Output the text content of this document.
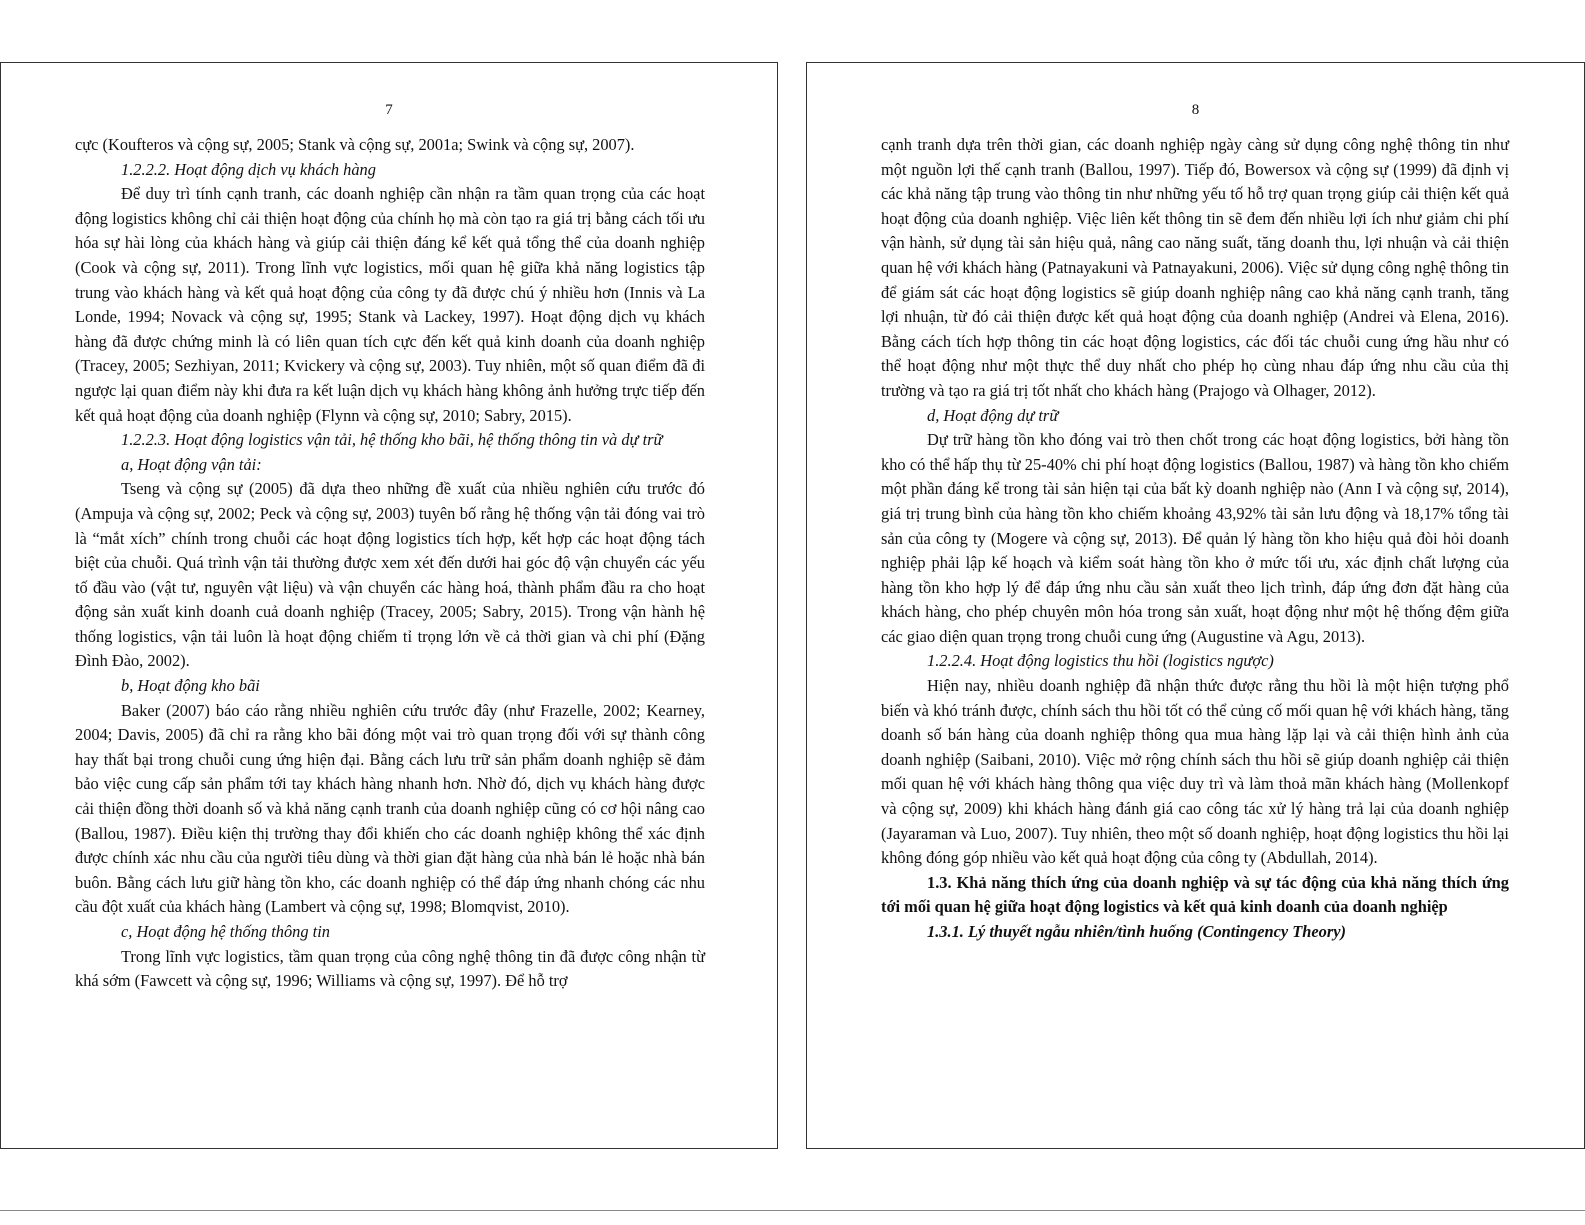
7

cực (Koufteros và cộng sự, 2005; Stank và cộng sự, 2001a; Swink và cộng sự, 2007).

1.2.2.2. Hoạt động dịch vụ khách hàng

Để duy trì tính cạnh tranh, các doanh nghiệp cần nhận ra tầm quan trọng của các hoạt động logistics không chỉ cải thiện hoạt động của chính họ mà còn tạo ra giá trị bằng cách tối ưu hóa sự hài lòng của khách hàng và giúp cải thiện đáng kể kết quả tổng thể của doanh nghiệp (Cook và cộng sự, 2011). Trong lĩnh vực logistics, mối quan hệ giữa khả năng logistics tập trung vào khách hàng và kết quả hoạt động của công ty đã được chú ý nhiều hơn (Innis và La Londe, 1994; Novack và cộng sự, 1995; Stank và Lackey, 1997). Hoạt động dịch vụ khách hàng đã được chứng minh là có liên quan tích cực đến kết quả kinh doanh của doanh nghiệp (Tracey, 2005; Sezhiyan, 2011; Kvickery và cộng sự, 2003). Tuy nhiên, một số quan điểm đã đi ngược lại quan điểm này khi đưa ra kết luận dịch vụ khách hàng không ảnh hưởng trực tiếp đến kết quả hoạt động của doanh nghiệp (Flynn và cộng sự, 2010; Sabry, 2015).

1.2.2.3. Hoạt động logistics vận tải, hệ thống kho bãi, hệ thống thông tin và dự trữ

a, Hoạt động vận tải:

Tseng và cộng sự (2005) đã dựa theo những đề xuất của nhiều nghiên cứu trước đó (Ampuja và cộng sự, 2002; Peck và cộng sự, 2003) tuyên bố rằng hệ thống vận tải đóng vai trò là “mắt xích” chính trong chuỗi các hoạt động logistics tích hợp, kết hợp các hoạt động tách biệt của chuỗi. Quá trình vận tải thường được xem xét đến dưới hai góc độ vận chuyển các yếu tố đầu vào (vật tư, nguyên vật liệu) và vận chuyển các hàng hoá, thành phẩm đầu ra cho hoạt động sản xuất kinh doanh cuả doanh nghiệp (Tracey, 2005; Sabry, 2015). Trong vận hành hệ thống logistics, vận tải luôn là hoạt động chiếm tỉ trọng lớn về cả thời gian và chi phí (Đặng Đình Đào, 2002).

b, Hoạt động kho bãi

Baker (2007) báo cáo rằng nhiều nghiên cứu trước đây (như Frazelle, 2002; Kearney, 2004; Davis, 2005) đã chỉ ra rằng kho bãi đóng một vai trò quan trọng đối với sự thành công hay thất bại trong chuỗi cung ứng hiện đại. Bằng cách lưu trữ sản phẩm doanh nghiệp sẽ đảm bảo việc cung cấp sản phẩm tới tay khách hàng nhanh hơn. Nhờ đó, dịch vụ khách hàng được cải thiện đồng thời doanh số và khả năng cạnh tranh của doanh nghiệp cũng có cơ hội nâng cao (Ballou, 1987). Điều kiện thị trường thay đổi khiến cho các doanh nghiệp không thể xác định được chính xác nhu cầu của người tiêu dùng và thời gian đặt hàng của nhà bán lẻ hoặc nhà bán buôn. Bằng cách lưu giữ hàng tồn kho, các doanh nghiệp có thể đáp ứng nhanh chóng các nhu cầu đột xuất của khách hàng (Lambert và cộng sự, 1998; Blomqvist, 2010).

c, Hoạt động hệ thống thông tin

Trong lĩnh vực logistics, tầm quan trọng của công nghệ thông tin đã được công nhận từ khá sớm (Fawcett và cộng sự, 1996; Williams và cộng sự, 1997). Để hỗ trợ

8

cạnh tranh dựa trên thời gian, các doanh nghiệp ngày càng sử dụng công nghệ thông tin như một nguồn lợi thế cạnh tranh (Ballou, 1997). Tiếp đó, Bowersox và cộng sự (1999) đã định vị các khả năng tập trung vào thông tin như những yếu tố hỗ trợ quan trọng giúp cải thiện kết quả hoạt động của doanh nghiệp. Việc liên kết thông tin sẽ đem đến nhiều lợi ích như giảm chi phí vận hành, sử dụng tài sản hiệu quả, nâng cao năng suất, tăng doanh thu, lợi nhuận và cải thiện quan hệ với khách hàng (Patnayakuni và Patnayakuni, 2006). Việc sử dụng công nghệ thông tin để giám sát các hoạt động logistics sẽ giúp doanh nghiệp nâng cao khả năng cạnh tranh, tăng lợi nhuận, từ đó cải thiện được kết quả hoạt động của doanh nghiệp (Andrei và Elena, 2016). Bằng cách tích hợp thông tin các hoạt động logistics, các đối tác chuỗi cung ứng hầu như có thể hoạt động như một thực thể duy nhất cho phép họ cùng nhau đáp ứng nhu cầu của thị trường và tạo ra giá trị tốt nhất cho khách hàng (Prajogo và Olhager, 2012).

d, Hoạt động dự trữ

Dự trữ hàng tồn kho đóng vai trò then chốt trong các hoạt động logistics, bởi hàng tồn kho có thể hấp thụ từ 25-40% chi phí hoạt động logistics (Ballou, 1987) và hàng tồn kho chiếm một phần đáng kể trong tài sản hiện tại của bất kỳ doanh nghiệp nào (Ann I và cộng sự, 2014), giá trị trung bình của hàng tồn kho chiếm khoảng 43,92% tài sản lưu động và 18,17% tổng tài sản của công ty (Mogere và cộng sự, 2013). Để quản lý hàng tồn kho hiệu quả đòi hỏi doanh nghiệp phải lập kế hoạch và kiểm soát hàng tồn kho ở mức tối ưu, xác định chất lượng của hàng tồn kho hợp lý để đáp ứng nhu cầu sản xuất theo lịch trình, đáp ứng đơn đặt hàng của khách hàng, cho phép chuyên môn hóa trong sản xuất, hoạt động như một hệ thống đệm giữa các giao diện quan trọng trong chuỗi cung ứng (Augustine và Agu, 2013).

1.2.2.4. Hoạt động logistics thu hồi (logistics ngược)

Hiện nay, nhiều doanh nghiệp đã nhận thức được rằng thu hồi là một hiện tượng phổ biến và khó tránh được, chính sách thu hồi tốt có thể củng cố mối quan hệ với khách hàng, tăng doanh số bán hàng của doanh nghiệp thông qua mua hàng lặp lại và cải thiện hình ảnh của doanh nghiệp (Saibani, 2010). Việc mở rộng chính sách thu hồi sẽ giúp doanh nghiệp cải thiện mối quan hệ với khách hàng thông qua việc duy trì và làm thoả mãn khách hàng (Mollenkopf và cộng sự, 2009) khi khách hàng đánh giá cao công tác xử lý hàng trả lại của doanh nghiệp (Jayaraman và Luo, 2007). Tuy nhiên, theo một số doanh nghiệp, hoạt động logistics thu hồi lại không đóng góp nhiều vào kết quả hoạt động của công ty (Abdullah, 2014).

1.3. Khả năng thích ứng của doanh nghiệp và sự tác động của khả năng thích ứng tới mối quan hệ giữa hoạt động logistics và kết quả kinh doanh của doanh nghiệp

1.3.1. Lý thuyết ngẫu nhiên/tình huống (Contingency Theory)
